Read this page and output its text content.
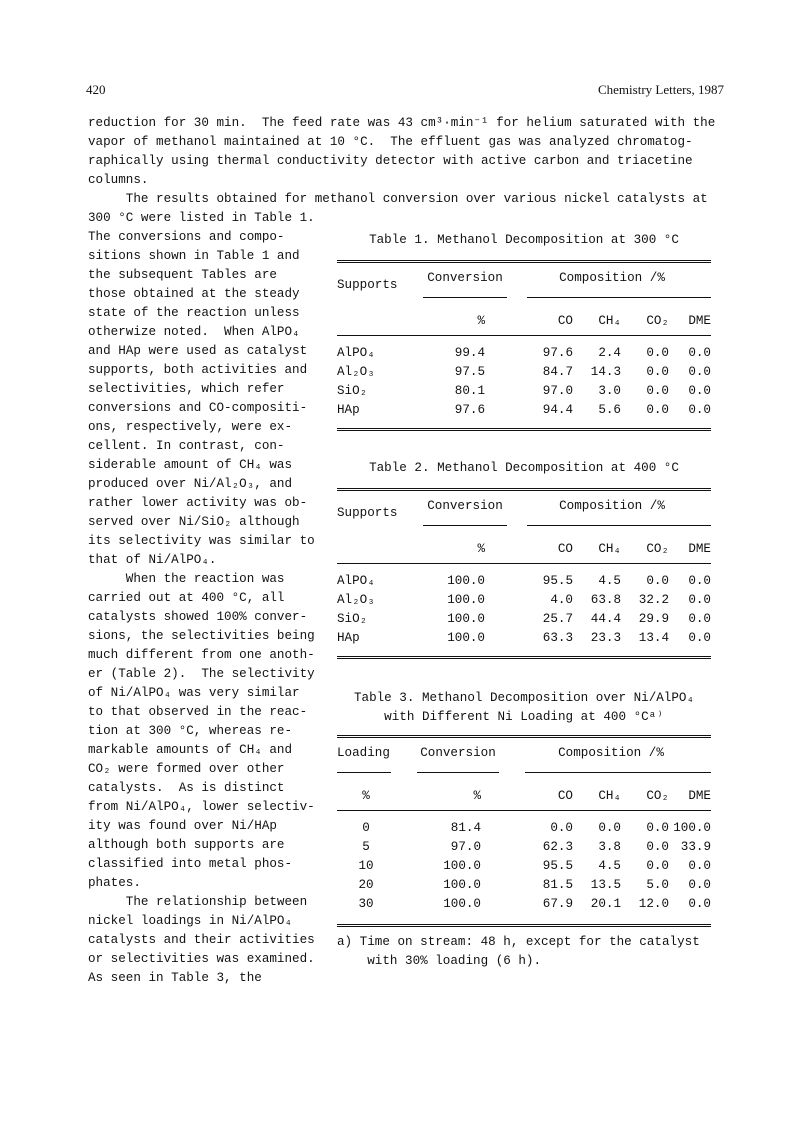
420	Chemistry Letters, 1987
reduction for 30 min.  The feed rate was 43 cm³·min⁻¹ for helium saturated with the
vapor of methanol maintained at 10 °C.  The effluent gas was analyzed chromatog-
raphically using thermal conductivity detector with active carbon and triacetine
columns.
The results obtained for methanol conversion over various nickel catalysts at
300 °C were listed in Table 1.
The conversions and compo-
sitions shown in Table 1 and
the subsequent Tables are
those obtained at the steady
state of the reaction unless
otherwize noted.  When AlPO₄
and HAp were used as catalyst
supports, both activities and
selectivities, which refer
conversions and CO-compositi-
ons, respectively, were ex-
cellent. In contrast, con-
siderable amount of CH₄ was
produced over Ni/Al₂O₃, and
rather lower activity was ob-
served over Ni/SiO₂ although
its selectivity was similar to
that of Ni/AlPO₄.
When the reaction was
carried out at 400 °C, all
catalysts showed 100% conver-
sions, the selectivities being
much different from one anoth-
er (Table 2).  The selectivity
of Ni/AlPO₄ was very similar
to that observed in the reac-
tion at 300 °C, whereas re-
markable amounts of CH₄ and
CO₂ were formed over other
catalysts.  As is distinct
from Ni/AlPO₄, lower selectiv-
ity was found over Ni/HAp
although both supports are
classified into metal phos-
phates.
The relationship between
nickel loadings in Ni/AlPO₄
catalysts and their activities
or selectivities was examined.
As seen in Table 3, the
Table 1. Methanol Decomposition at 300 °C
Supports	Conversion	Composition /%			

	%	CO	CH₄	CO₂	DME
AlPO₄	99.4	97.6	2.4	0.0	0.0
Al₂O₃	97.5	84.7	14.3	0.0	0.0
SiO₂	80.1	97.0	3.0	0.0	0.0
HAp	97.6	94.4	5.6	0.0	0.0
Table 2. Methanol Decomposition at 400 °C
Supports	Conversion	Composition /%			

	%	CO	CH₄	CO₂	DME
AlPO₄	100.0	95.5	4.5	0.0	0.0
Al₂O₃	100.0	4.0	63.8	32.2	0.0
SiO₂	100.0	25.7	44.4	29.9	0.0
HAp	100.0	63.3	23.3	13.4	0.0
Table 3. Methanol Decomposition over Ni/AlPO₄
with Different Ni Loading at 400 °Cᵃ⁾
Loading	Conversion	Composition /%			

%	%	CO	CH₄	CO₂	DME
0	81.4	0.0	0.0	0.0	100.0
5	97.0	62.3	3.8	0.0	33.9
10	100.0	95.5	4.5	0.0	0.0
20	100.0	81.5	13.5	5.0	0.0
30	100.0	67.9	20.1	12.0	0.0
a) Time on stream: 48 h, except for the catalyst
with 30% loading (6 h).
